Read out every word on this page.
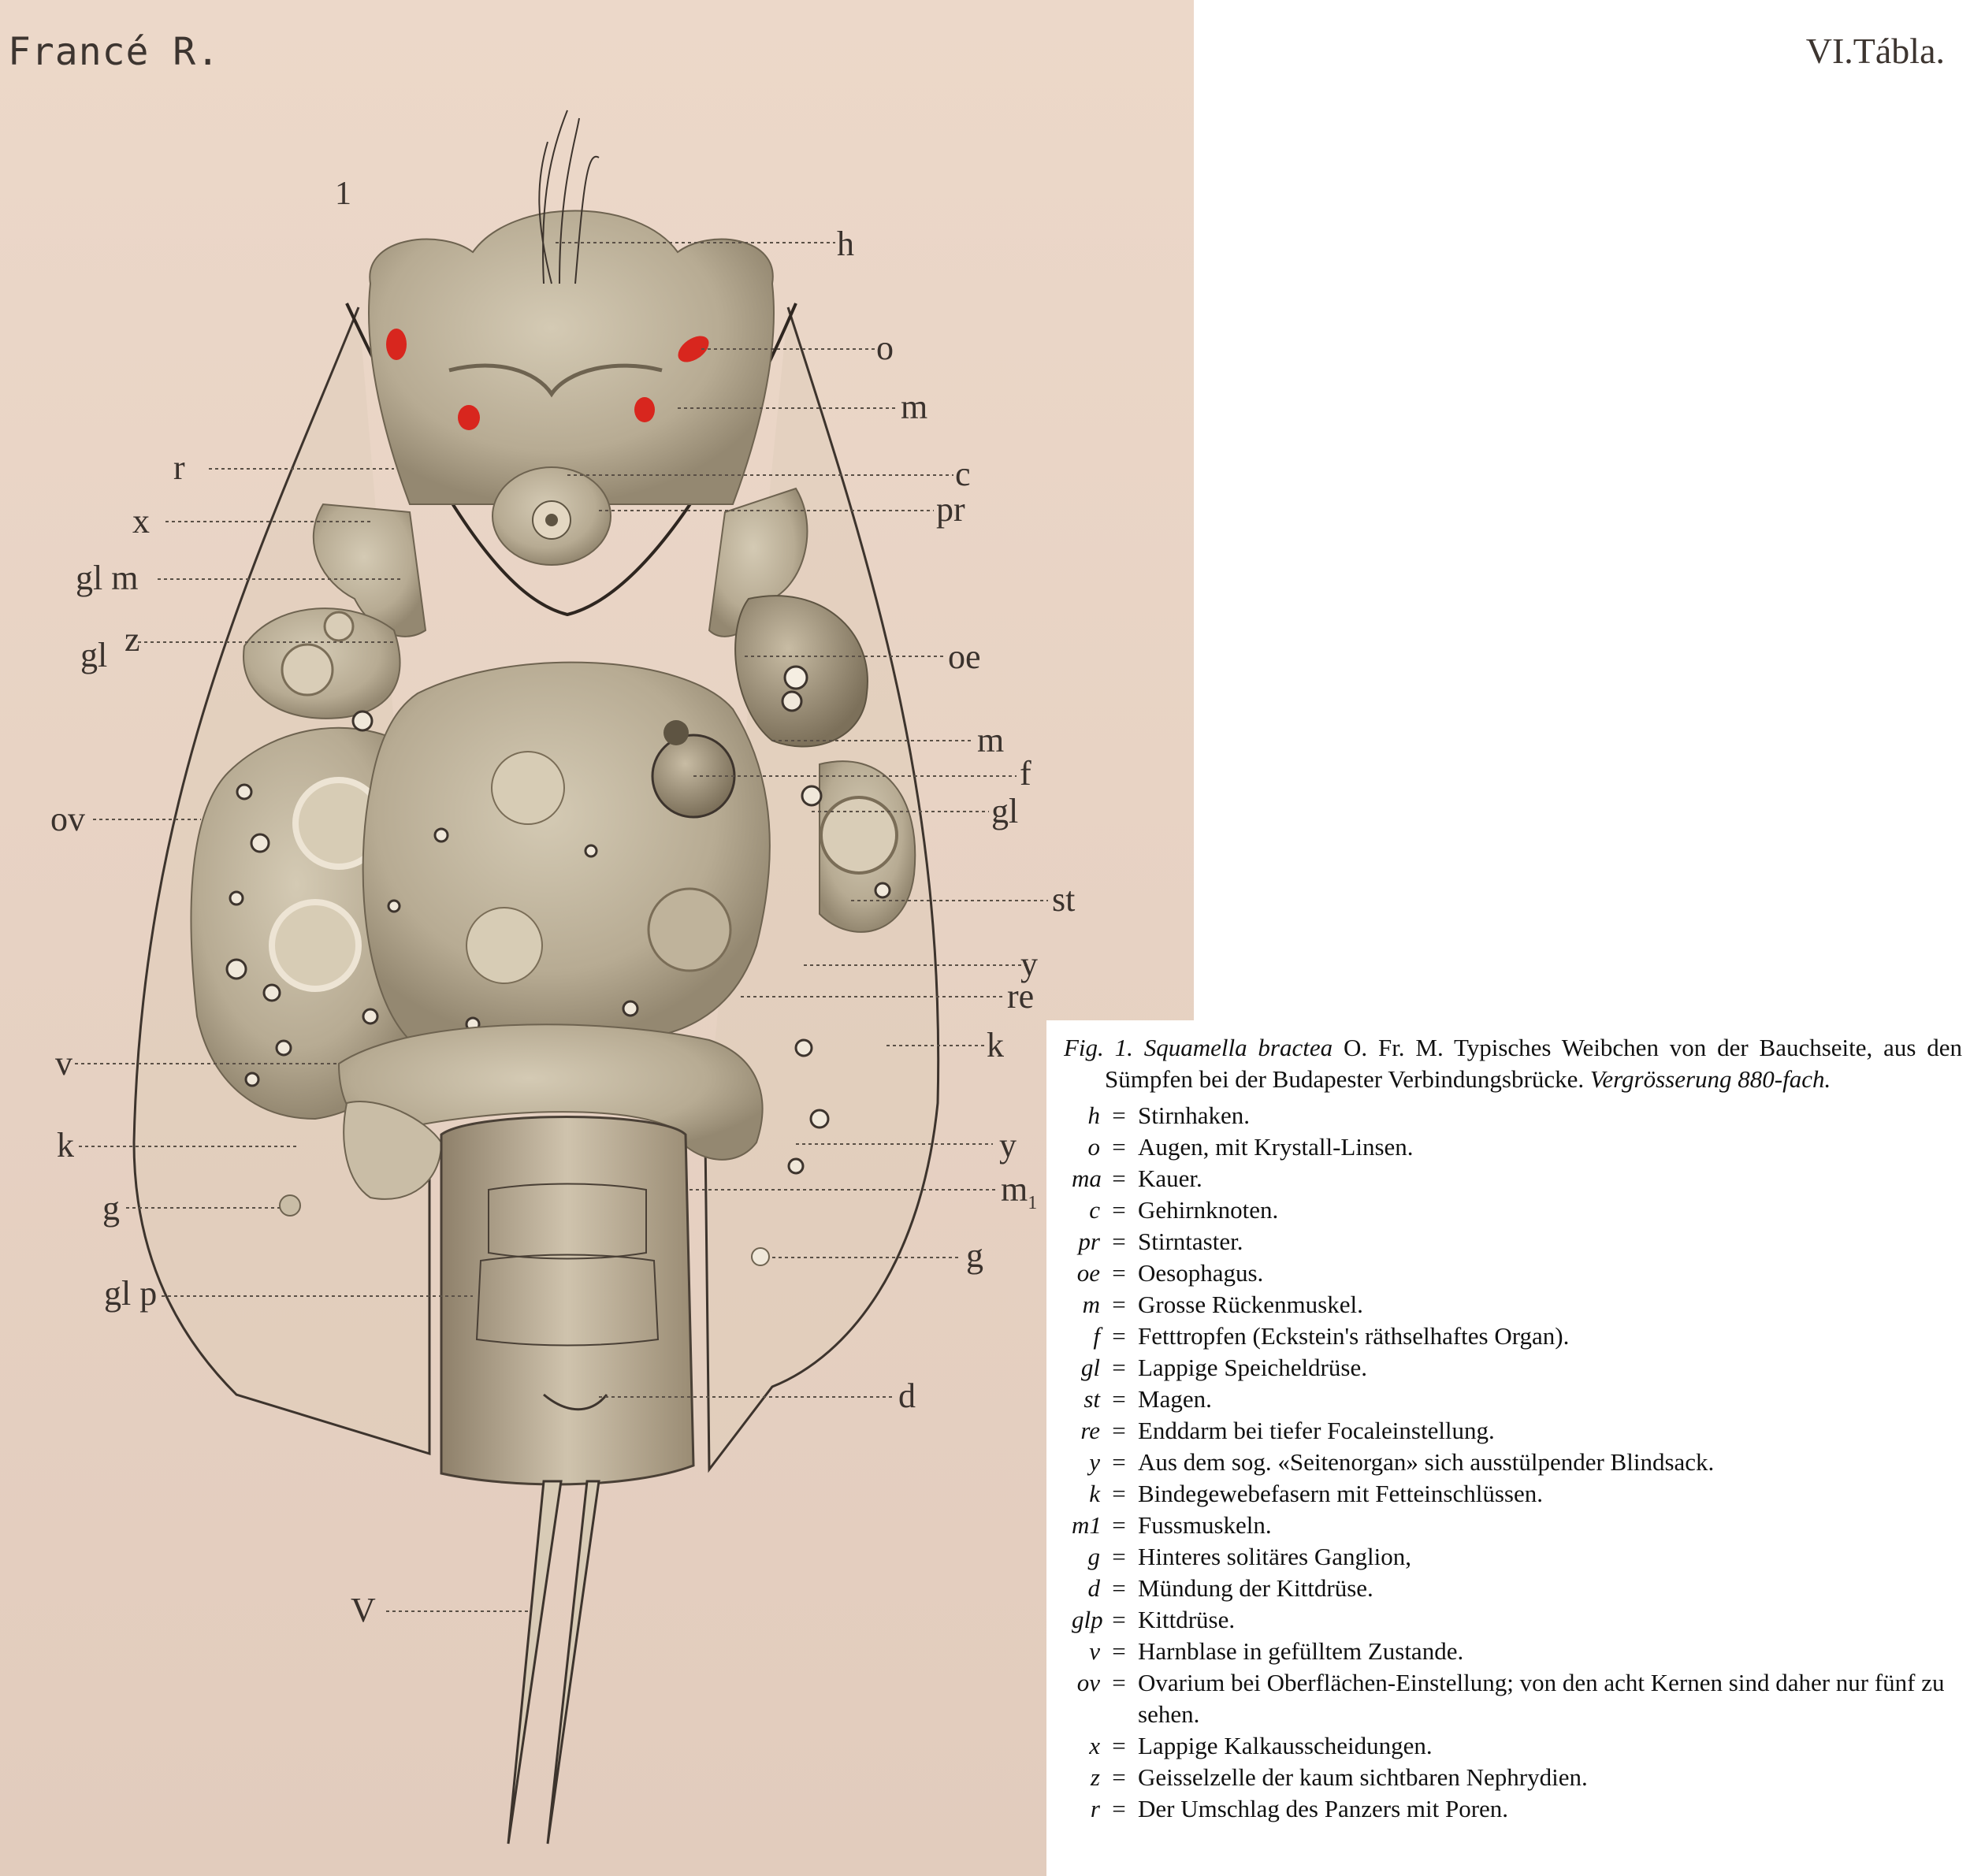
Francé R.	VI.Tábla.
1
h
o
m
r	c
x	pr
gl m
z
gl	oe
m
f
gl
ov
st
y
re
v	k
k	y
$m_1$
g
g
gl p
d
V

Fig. 1. Squamella bractea O. Fr. M. Typisches Weibchen von der Bauchseite, aus den Sümpfen bei der Budapester Verbindungsbrücke. Vergrösserung 880-fach.

h = Stirnhaken.
o = Augen, mit Krystall-Linsen.
ma = Kauer.
c = Gehirnknoten.
pr = Stirntaster.
oe = Oesophagus.
m = Grosse Rückenmuskel.
f = Fetttropfen (Eckstein's räthselhaftes Organ).
gl = Lappige Speicheldrüse.
st = Magen.
re = Enddarm bei tiefer Focaleinstellung.
y = Aus dem sog. «Seitenorgan» sich ausstülpender Blindsack.
k = Bindegewebefasern mit Fetteinschlüssen.
m1 = Fussmuskeln.
g = Hinteres solitäres Ganglion,
d = Mündung der Kittdrüse.
glp = Kittdrüse.
v = Harnblase in gefülltem Zustande.
ov = Ovarium bei Oberflächen-Einstellung; von den acht Kernen sind daher nur fünf zu sehen.
x = Lappige Kalkausscheidungen.
z = Geisselzelle der kaum sichtbaren Nephrydien.
r = Der Umschlag des Panzers mit Poren.
